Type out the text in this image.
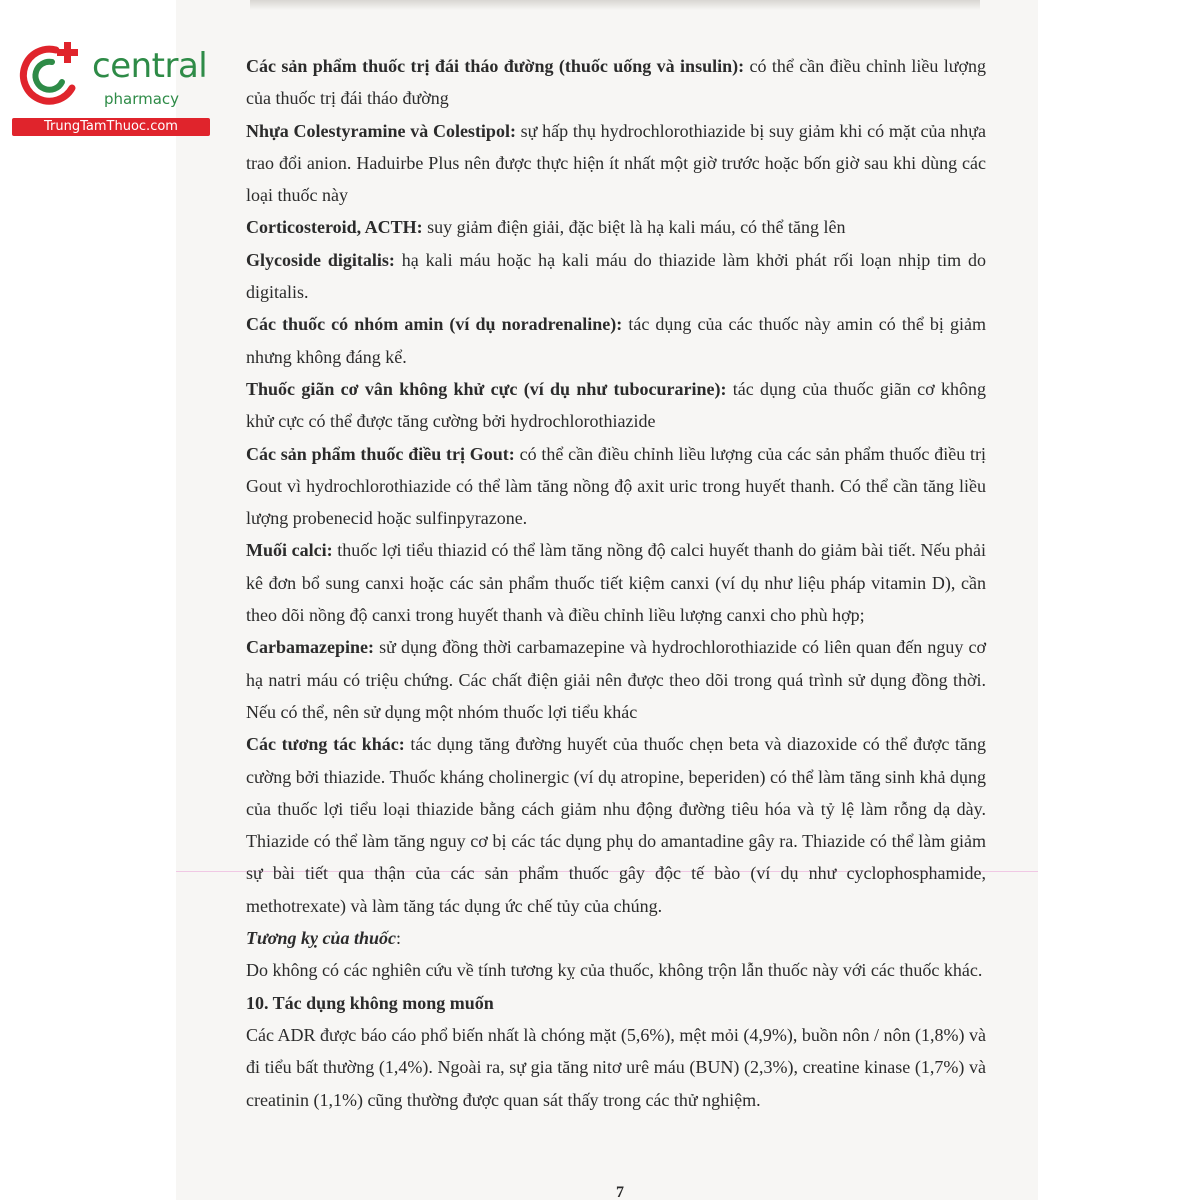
central
pharmacy
TrungTamThuoc.com

Các sản phẩm thuốc trị đái tháo đường (thuốc uống và insulin): có thể cần điều chỉnh liều lượng của thuốc trị đái tháo đường

Nhựa Colestyramine và Colestipol: sự hấp thụ hydrochlorothiazide bị suy giảm khi có mặt của nhựa trao đổi anion. Haduirbe Plus nên được thực hiện ít nhất một giờ trước hoặc bốn giờ sau khi dùng các loại thuốc này

Corticosteroid, ACTH: suy giảm điện giải, đặc biệt là hạ kali máu, có thể tăng lên

Glycoside digitalis: hạ kali máu hoặc hạ kali máu do thiazide làm khởi phát rối loạn nhịp tim do digitalis.

Các thuốc có nhóm amin (ví dụ noradrenaline): tác dụng của các thuốc này amin có thể bị giảm nhưng không đáng kể.

Thuốc giãn cơ vân không khử cực (ví dụ như tubocurarine): tác dụng của thuốc giãn cơ không khử cực có thể được tăng cường bởi hydrochlorothiazide

Các sản phẩm thuốc điều trị Gout: có thể cần điều chỉnh liều lượng của các sản phẩm thuốc điều trị Gout vì hydrochlorothiazide có thể làm tăng nồng độ axit uric trong huyết thanh. Có thể cần tăng liều lượng probenecid hoặc sulfinpyrazone.

Muối calci: thuốc lợi tiểu thiazid có thể làm tăng nồng độ calci huyết thanh do giảm bài tiết. Nếu phải kê đơn bổ sung canxi hoặc các sản phẩm thuốc tiết kiệm canxi (ví dụ như liệu pháp vitamin D), cần theo dõi nồng độ canxi trong huyết thanh và điều chỉnh liều lượng canxi cho phù hợp;

Carbamazepine: sử dụng đồng thời carbamazepine và hydrochlorothiazide có liên quan đến nguy cơ hạ natri máu có triệu chứng. Các chất điện giải nên được theo dõi trong quá trình sử dụng đồng thời. Nếu có thể, nên sử dụng một nhóm thuốc lợi tiểu khác

Các tương tác khác: tác dụng tăng đường huyết của thuốc chẹn beta và diazoxide có thể được tăng cường bởi thiazide. Thuốc kháng cholinergic (ví dụ atropine, beperiden) có thể làm tăng sinh khả dụng của thuốc lợi tiểu loại thiazide bằng cách giảm nhu động đường tiêu hóa và tỷ lệ làm rỗng dạ dày. Thiazide có thể làm tăng nguy cơ bị các tác dụng phụ do amantadine gây ra. Thiazide có thể làm giảm sự bài tiết qua thận của các sản phẩm thuốc gây độc tế bào (ví dụ như cyclophosphamide, methotrexate) và làm tăng tác dụng ức chế tủy của chúng.

Tương kỵ của thuốc:

Do không có các nghiên cứu về tính tương kỵ của thuốc, không trộn lẫn thuốc này với các thuốc khác.

10. Tác dụng không mong muốn

Các ADR được báo cáo phổ biến nhất là chóng mặt (5,6%), mệt mỏi (4,9%), buồn nôn / nôn (1,8%) và đi tiểu bất thường (1,4%). Ngoài ra, sự gia tăng nitơ urê máu (BUN) (2,3%), creatine kinase (1,7%) và creatinin (1,1%) cũng thường được quan sát thấy trong các thử nghiệm.

7
